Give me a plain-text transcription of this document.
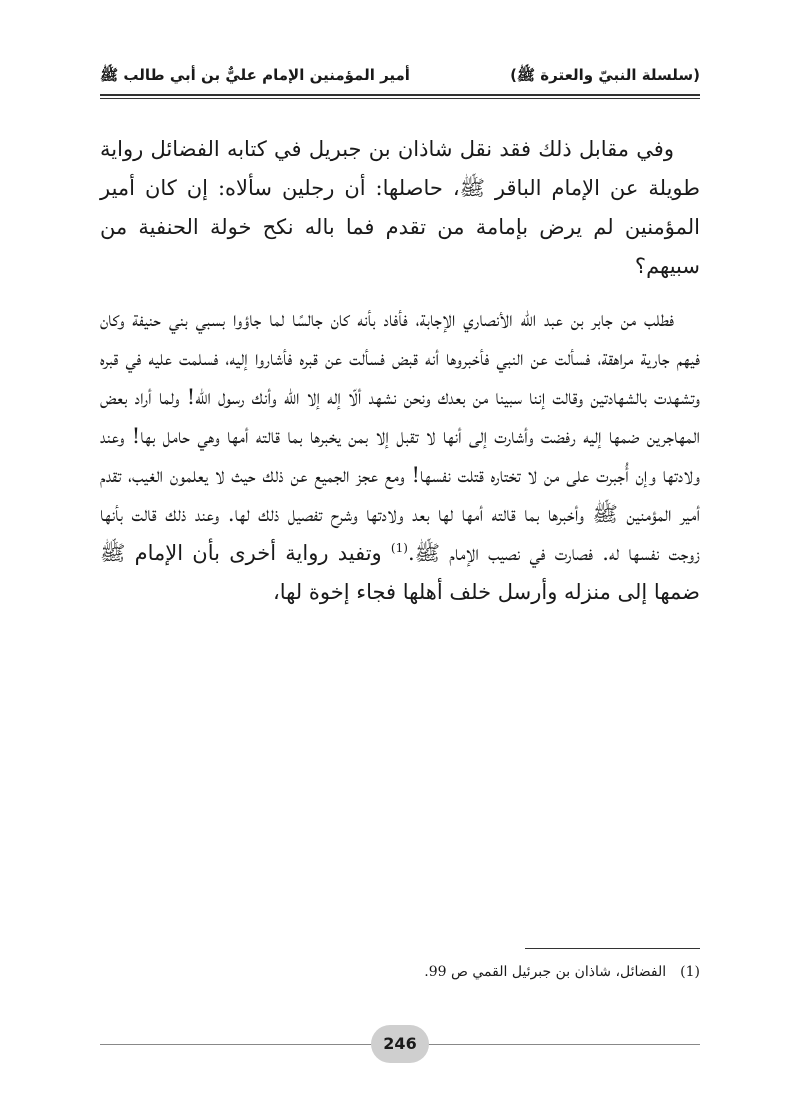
(سلسلة النبيّ والعترة ﷺ)
أمير المؤمنين الإمام عليٌّ بن أبي طالب ﷺ

وفي مقابل ذلك فقد نقل شاذان بن جبريل في كتابه الفضائل رواية طويلة عن الإمام الباقر ﷺ، حاصلها: أن رجلين سألاه: إن كان أمير المؤمنين لم يرض بإمامة من تقدم فما باله نكح خولة الحنفية من سبيهم؟

فطلب من جابر بن عبد الله الأنصاري الإجابة، فأفاد بأنه كان جالسًا لما جاؤوا بسبي بني حنيفة وكان فيهم جارية مراهقة، فسألت عن النبي فأخبروها أنه قبض فسألت عن قبره فأشاروا إليه، فسلمت عليه في قبره وتشهدت بالشهادتين وقالت إننا سبينا من بعدك ونحن نشهد ألّا إله إلا الله وأنك رسول الله! ولما أراد بعض المهاجرين ضمها إليه رفضت وأشارت إلى أنها لا تقبل إلا بمن يخبرها بما قالته أمها وهي حامل بها! وعند ولادتها وإن أُجبرت على من لا تختاره قتلت نفسها! ومع عجز الجميع عن ذلك حيث لا يعلمون الغيب، تقدم أمير المؤمنين ﷺ وأخبرها بما قالته أمها لها بعد ولادتها وشرح تفصيل ذلك لها. وعند ذلك قالت بأنها زوجت نفسها له. فصارت في نصيب الإمام ﷺ.$^{(1)}$ وتفيد رواية أخرى بأن الإمام ﷺ ضمها إلى منزله وأرسل خلف أهلها فجاء إخوة لها،

(1)الفضائل، شاذان بن جبرئيل القمي ص 99.
246
